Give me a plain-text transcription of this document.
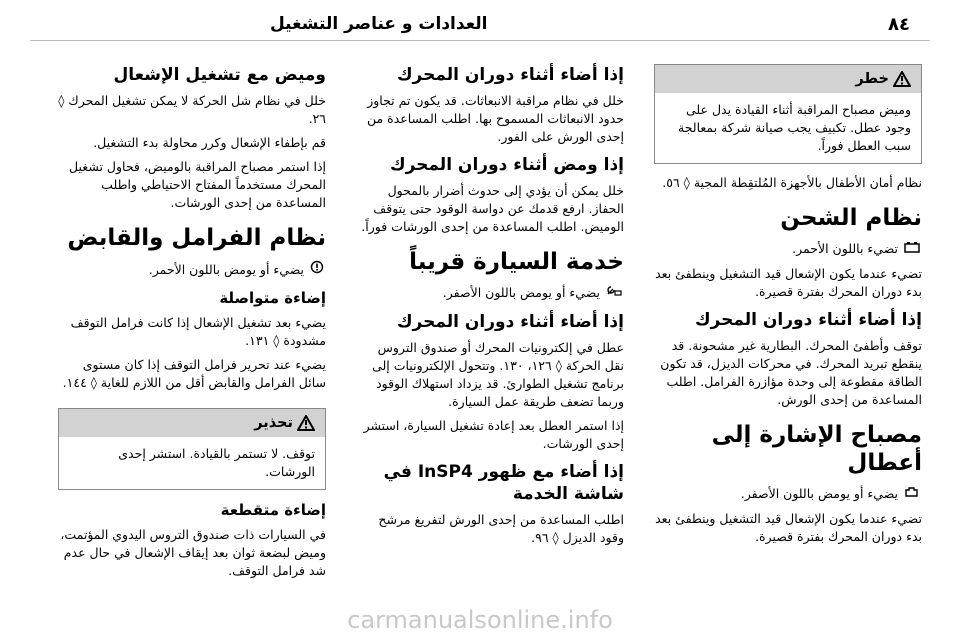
٨٤
العدادات و عناصر التشغيل
خطر
وميض مصباح المراقبة أثناء القيادة يدل على وجود عطل. تكبيف يجب صيانة شركة بمعالجة سبب العطل فوراً.

نظام أمان الأطفال بالأجهزة المُلتقِطة المجية ◊ ٥٦.

نظام الشحن

تضيء باللون الأحمر.

تضيء عندما يكون الإشعال قيد التشغيل وينطفئ بعد بدء دوران المحرك بفترة قصيرة.

إذا أضاء أثناء دوران المحرك

توقف وأطفئ المحرك. البطارية غير مشحونة. قد ينقطع تبريد المحرك. في محركات الديزل، قد تكون الطاقة مقطوعة إلى وحدة مؤازرة الفرامل. اطلب المساعدة من إحدى الورش.

مصباح الإشارة إلى أعطال

يضيء أو يومض باللون الأصفر.

تضيء عندما يكون الإشعال قيد التشغيل وينطفئ بعد بدء دوران المحرك بفترة قصيرة.

إذا أضاء أثناء دوران المحرك

خلل في نظام مراقبة الانبعاثات. قد يكون تم تجاوز حدود الانبعاثات المسموح بها. اطلب المساعدة من إحدى الورش على الفور.

إذا ومض أثناء دوران المحرك

خلل يمكن أن يؤدي إلى حدوث أضرار بالمحول الحفاز. ارفع قدمك عن دواسة الوقود حتى يتوقف الوميض. اطلب المساعدة من إحدى الورشات فوراً.

خدمة السيارة قريباً

يضيء أو يومض باللون الأصفر.

إذا أضاء أثناء دوران المحرك

عطل في إلكترونيات المحرك أو صندوق التروس نقل الحركة ◊ ١٢٦، ١٣٠. وتتحول الإلكترونيات إلى برنامج تشغيل الطوارئ. قد يزداد استهلاك الوقود وربما تضعف طريقة عمل السيارة.

إذا استمر العطل بعد إعادة تشغيل السيارة، استشر إحدى الورشات.

إذا أضاء مع ظهور InSP4 في شاشة الخدمة

اطلب المساعدة من إحدى الورش لتفريغ مرشح وقود الديزل ◊ ٩٦.

وميض مع تشغيل الإشعال

خلل في نظام شل الحركة لا يمكن تشغيل المحرك ◊ ٢٦.

قم بإطفاء الإشعال وكرر محاولة بدء التشغيل.

إذا استمر مصباح المراقبة بالوميض، فحاول تشغيل المحرك مستخدماً المفتاح الاحتياطي واطلب المساعدة من إحدى الورشات.

نظام الفرامل والقابض

يضيء أو يومض باللون الأحمر.

إضاءة متواصلة

يضيء بعد تشغيل الإشعال إذا كانت فرامل التوقف مشدودة ◊ ١٣١.

يضيء عند تحرير فرامل التوقف إذا كان مستوى سائل الفرامل والقابض أقل من اللازم للغاية ◊ ١٤٤.

تحذير
توقف. لا تستمر بالقيادة. استشر إحدى الورشات.
إضاءة متقطعة

في السيارات ذات صندوق التروس اليدوي المؤتمت، وميض لبضعة ثوان بعد إيقاف الإشعال في حال عدم شد فرامل التوقف.

carmanualsonline.info
